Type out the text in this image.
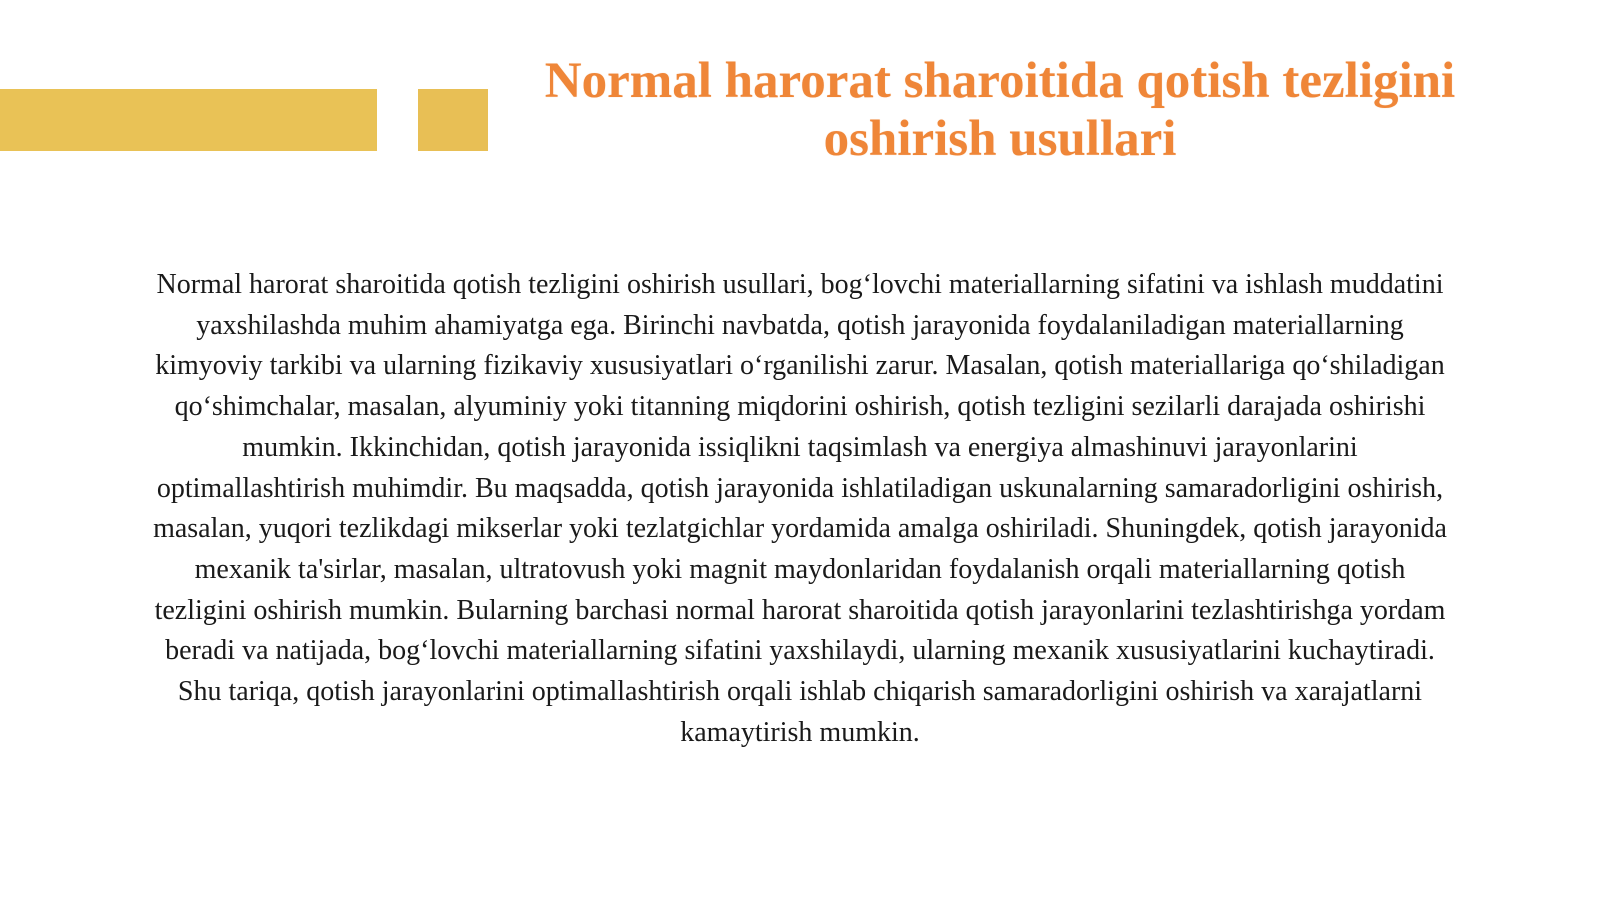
Normal harorat sharoitida qotish tezligini oshirish usullari

Normal harorat sharoitida qotish tezligini oshirish usullari, bog‘lovchi materiallarning sifatini va ishlash muddatini yaxshilashda muhim ahamiyatga ega. Birinchi navbatda, qotish jarayonida foydalaniladigan materiallarning kimyoviy tarkibi va ularning fizikaviy xususiyatlari o‘rganilishi zarur. Masalan, qotish materiallariga qo‘shiladigan qo‘shimchalar, masalan, alyuminiy yoki titanning miqdorini oshirish, qotish tezligini sezilarli darajada oshirishi mumkin. Ikkinchidan, qotish jarayonida issiqlikni taqsimlash va energiya almashinuvi jarayonlarini optimallashtirish muhimdir. Bu maqsadda, qotish jarayonida ishlatiladigan uskunalarning samaradorligini oshirish, masalan, yuqori tezlikdagi mikserlar yoki tezlatgichlar yordamida amalga oshiriladi. Shuningdek, qotish jarayonida mexanik ta'sirlar, masalan, ultratovush yoki magnit maydonlaridan foydalanish orqali materiallarning qotish tezligini oshirish mumkin. Bularning barchasi normal harorat sharoitida qotish jarayonlarini tezlashtirishga yordam beradi va natijada, bog‘lovchi materiallarning sifatini yaxshilaydi, ularning mexanik xususiyatlarini kuchaytiradi. Shu tariqa, qotish jarayonlarini optimallashtirish orqali ishlab chiqarish samaradorligini oshirish va xarajatlarni kamaytirish mumkin.
